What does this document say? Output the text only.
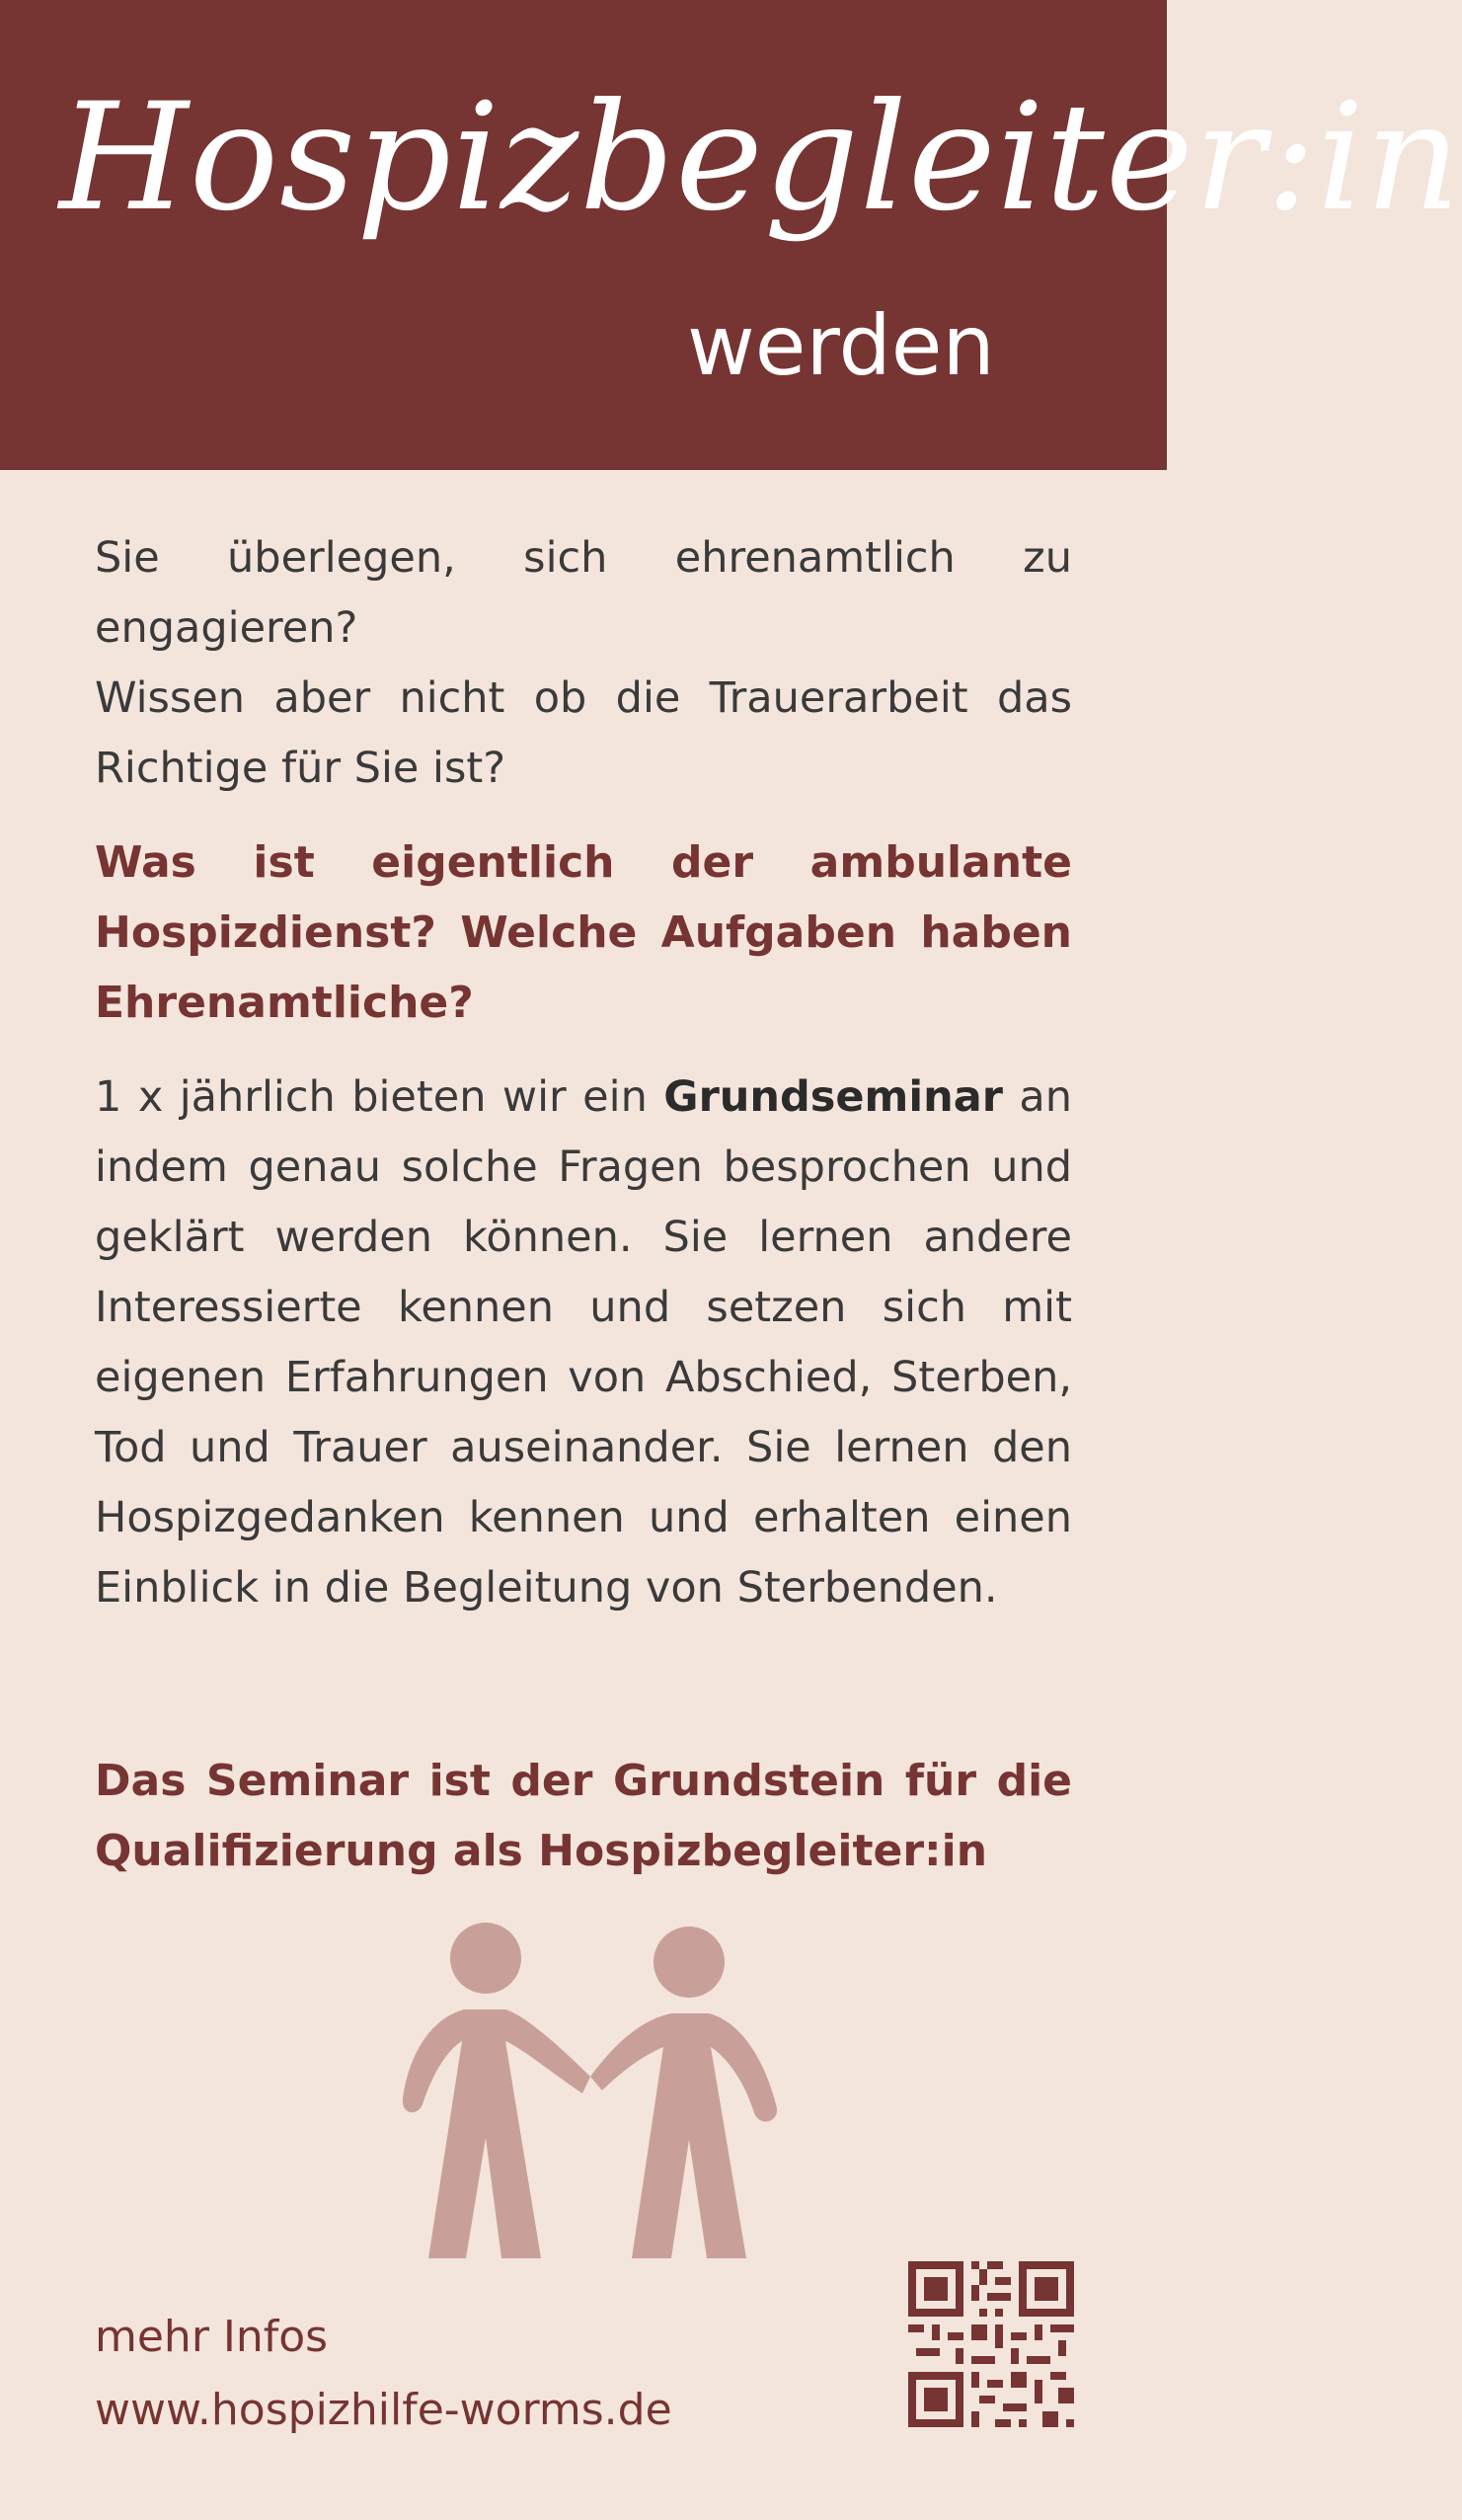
Hospizbegleiter:in
werden

Sie überlegen, sich ehrenamtlich zu engagieren?

Wissen aber nicht ob die Trauerarbeit das Richtige für Sie ist?

Was ist eigentlich der ambulante Hospizdienst? Welche Aufgaben haben Ehrenamtliche?

1 x jährlich bieten wir ein Grundseminar an indem genau solche Fragen besprochen und geklärt werden können. Sie lernen andere Interessierte kennen und setzen sich mit eigenen Erfahrungen von Abschied, Sterben, Tod und Trauer auseinander. Sie lernen den Hospizgedanken kennen und erhalten einen Einblick in die Begleitung von Sterbenden.

Das Seminar ist der Grundstein für die Qualifizierung als Hospizbegleiter:in

mehr Infos
www.hospizhilfe-worms.de
